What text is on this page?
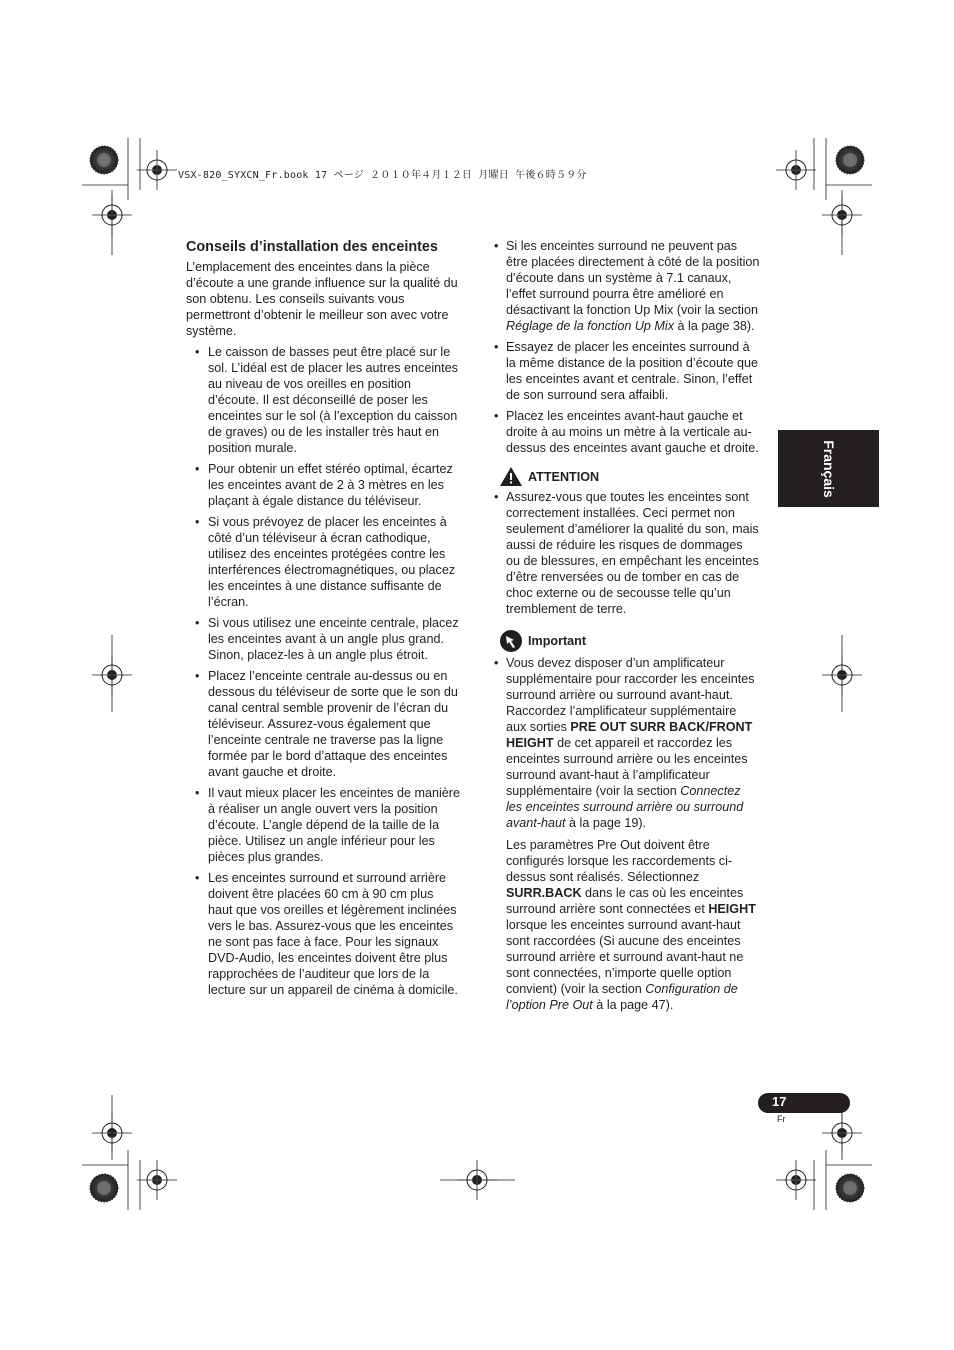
VSX-820_SYXCN_Fr.book 17 ページ ２０１０年４月１２日 月曜日 午後６時５９分
Conseils d’installation des enceintes

L’emplacement des enceintes dans la pièce d’écoute a une grande influence sur la qualité du son obtenu. Les conseils suivants vous permettront d’obtenir le meilleur son avec votre système.

• Le caisson de basses peut être placé sur le sol. L’idéal est de placer les autres enceintes au niveau de vos oreilles en position d’écoute. Il est déconseillé de poser les enceintes sur le sol (à l’exception du caisson de graves) ou de les installer très haut en position murale.
• Pour obtenir un effet stéréo optimal, écartez les enceintes avant de 2 à 3 mètres en les plaçant à égale distance du téléviseur.
• Si vous prévoyez de placer les enceintes à côté d’un téléviseur à écran cathodique, utilisez des enceintes protégées contre les interférences électromagnétiques, ou placez les enceintes à une distance suffisante de l’écran.
• Si vous utilisez une enceinte centrale, placez les enceintes avant à un angle plus grand. Sinon, placez-les à un angle plus étroit.
• Placez l’enceinte centrale au-dessus ou en dessous du téléviseur de sorte que le son du canal central semble provenir de l’écran du téléviseur. Assurez-vous également que l’enceinte centrale ne traverse pas la ligne formée par le bord d’attaque des enceintes avant gauche et droite.
• Il vaut mieux placer les enceintes de manière à réaliser un angle ouvert vers la position d’écoute. L’angle dépend de la taille de la pièce. Utilisez un angle inférieur pour les pièces plus grandes.
• Les enceintes surround et surround arrière doivent être placées 60 cm à 90 cm plus haut que vos oreilles et légèrement inclinées vers le bas. Assurez-vous que les enceintes ne sont pas face à face. Pour les signaux DVD-Audio, les enceintes doivent être plus rapprochées de l’auditeur que lors de la lecture sur un appareil de cinéma à domicile.
• Si les enceintes surround ne peuvent pas être placées directement à côté de la position d’écoute dans un système à 7.1 canaux, l’effet surround pourra être amélioré en désactivant la fonction Up Mix (voir la section Réglage de la fonction Up Mix à la page 38).
• Essayez de placer les enceintes surround à la même distance de la position d’écoute que les enceintes avant et centrale. Sinon, l’effet de son surround sera affaibli.
• Placez les enceintes avant-haut gauche et droite à au moins un mètre à la verticale au-dessus des enceintes avant gauche et droite.
ATTENTION
• Assurez-vous que toutes les enceintes sont correctement installées. Ceci permet non seulement d’améliorer la qualité du son, mais aussi de réduire les risques de dommages ou de blessures, en empêchant les enceintes d’être renversées ou de tomber en cas de choc externe ou de secousse telle qu’un tremblement de terre.
Important
• Vous devez disposer d’un amplificateur supplémentaire pour raccorder les enceintes surround arrière ou surround avant-haut. Raccordez l’amplificateur supplémentaire aux sorties PRE OUT SURR BACK/FRONT HEIGHT de cet appareil et raccordez les enceintes surround arrière ou les enceintes surround avant-haut à l’amplificateur supplémentaire (voir la section Connectez les enceintes surround arrière ou surround avant-haut à la page 19).

Les paramètres Pre Out doivent être configurés lorsque les raccordements ci-dessus sont réalisés. Sélectionnez SURR.BACK dans le cas où les enceintes surround arrière sont connectées et HEIGHT lorsque les enceintes surround avant-haut sont raccordées (Si aucune des enceintes surround arrière et surround avant-haut ne sont connectées, n’importe quelle option convient) (voir la section Configuration de l’option Pre Out à la page 47).

Français
17
Fr
